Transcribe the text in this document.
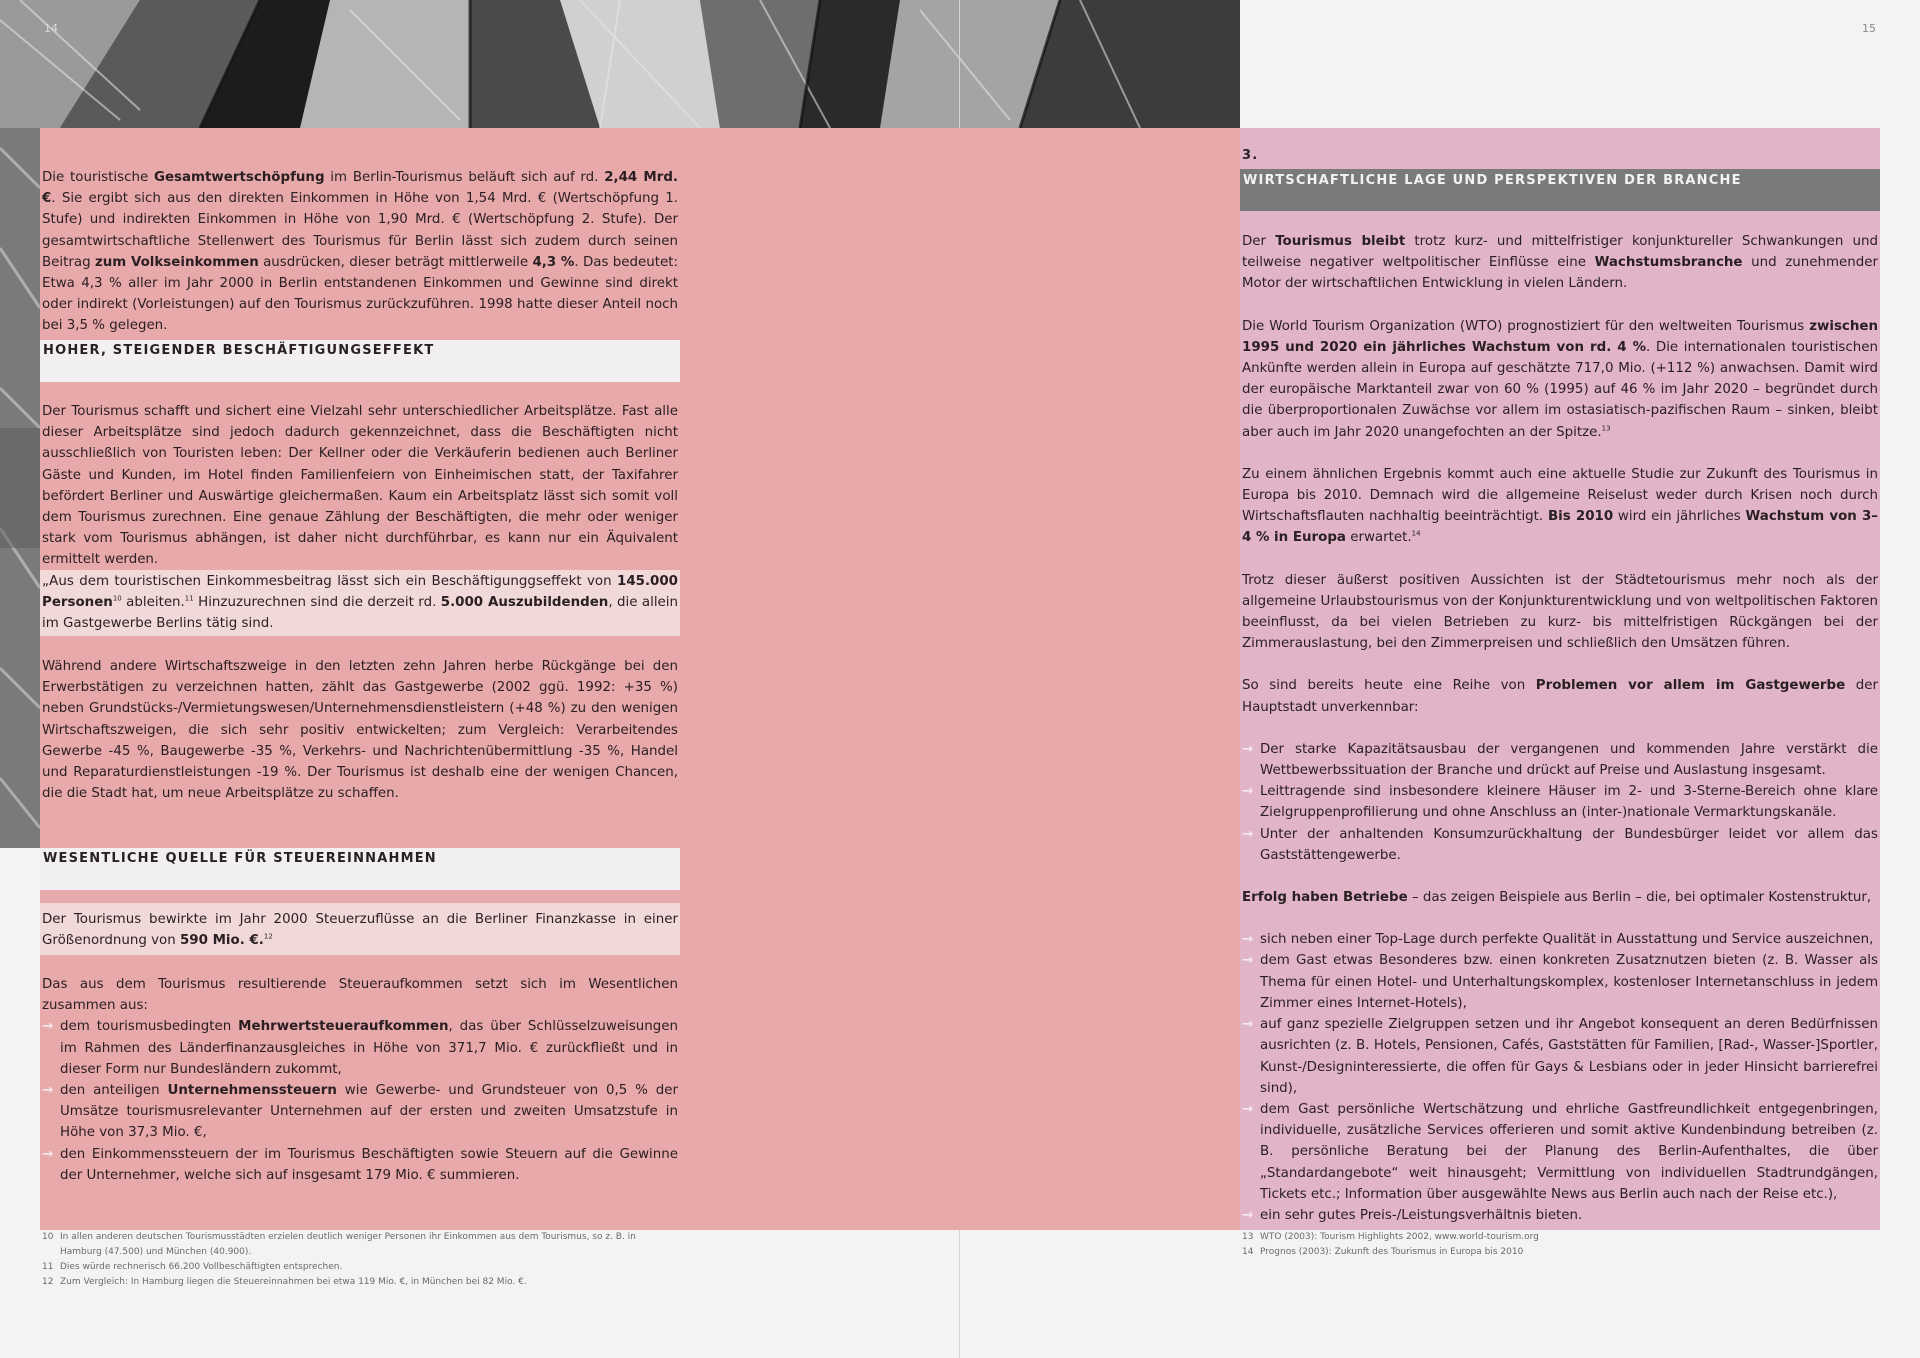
14	15
Die touristische Gesamtwertschöpfung im Berlin-Tourismus beläuft sich auf rd. 2,44 Mrd. €. Sie ergibt sich aus den direkten Einkommen in Höhe von 1,54 Mrd. € (Wertschöpfung 1. Stufe) und indirekten Einkommen in Höhe von 1,90 Mrd. € (Wertschöpfung 2. Stufe). Der gesamtwirtschaftliche Stellenwert des Tourismus für Berlin lässt sich zudem durch seinen Beitrag zum Volkseinkommen ausdrücken, dieser beträgt mittlerweile 4,3 %. Das bedeutet: Etwa 4,3 % aller im Jahr 2000 in Berlin entstandenen Einkommen und Gewinne sind direkt oder indirekt (Vorleistungen) auf den Tourismus zurückzuführen. 1998 hatte dieser Anteil noch bei 3,5 % gelegen.
HOHER, STEIGENDER BESCHÄFTIGUNGSEFFEKT
Der Tourismus schafft und sichert eine Vielzahl sehr unterschiedlicher Arbeitsplätze. Fast alle dieser Arbeitsplätze sind jedoch dadurch gekennzeichnet, dass die Beschäftigten nicht ausschließlich von Touristen leben: Der Kellner oder die Verkäuferin bedienen auch Berliner Gäste und Kunden, im Hotel finden Familienfeiern von Einheimischen statt, der Taxifahrer befördert Berliner und Auswärtige gleichermaßen. Kaum ein Arbeitsplatz lässt sich somit voll dem Tourismus zurechnen. Eine genaue Zählung der Beschäftigten, die mehr oder weniger stark vom Tourismus abhängen, ist daher nicht durchführbar, es kann nur ein Äquivalent ermittelt werden.
„Aus dem touristischen Einkommesbeitrag lässt sich ein Beschäftigunggseffekt von 145.000 Personen$^{10}$ ableiten.$^{11}$ Hinzuzurechnen sind die derzeit rd. 5.000 Auszubildenden, die allein im Gastgewerbe Berlins tätig sind.
Während andere Wirtschaftszweige in den letzten zehn Jahren herbe Rückgänge bei den Erwerbstätigen zu verzeichnen hatten, zählt das Gastgewerbe (2002 ggü. 1992: +35 %) neben Grundstücks-/Vermietungswesen/Unternehmensdienstleistern (+48 %) zu den wenigen Wirtschaftszweigen, die sich sehr positiv entwickelten; zum Vergleich: Verarbeitendes Gewerbe -45 %, Baugewerbe -35 %, Verkehrs- und Nachrichtenübermittlung -35 %, Handel und Reparaturdienstleistungen -19 %. Der Tourismus ist deshalb eine der wenigen Chancen, die die Stadt hat, um neue Arbeitsplätze zu schaffen.
WESENTLICHE QUELLE FÜR STEUEREINNAHMEN
Der Tourismus bewirkte im Jahr 2000 Steuerzuflüsse an die Berliner Finanzkasse in einer Größenordnung von 590 Mio. €.$^{12}$

Das aus dem Tourismus resultierende Steueraufkommen setzt sich im Wesentlichen zusammen aus:

→ dem tourismusbedingten Mehrwertsteueraufkommen, das über Schlüsselzuweisungen im Rahmen des Länderfinanzausgleiches in Höhe von 371,7 Mio. € zurückfließt und in dieser Form nur Bundesländern zukommt,
→ den anteiligen Unternehmenssteuern wie Gewerbe- und Grundsteuer von 0,5 % der Umsätze tourismusrelevanter Unternehmen auf der ersten und zweiten Umsatzstufe in Höhe von 37,3 Mio. €,
→ den Einkommenssteuern der im Tourismus Beschäftigten sowie Steuern auf die Gewinne der Unternehmer, welche sich auf insgesamt 179 Mio. € summieren.
10 In allen anderen deutschen Tourismusstädten erzielen deutlich weniger Personen ihr Einkommen aus dem Tourismus, so z. B. in Hamburg (47.500) und München (40.900).
11 Dies würde rechnerisch 66.200 Vollbeschäftigten entsprechen.
12 Zum Vergleich: In Hamburg liegen die Steuereinnahmen bei etwa 119 Mio. €, in München bei 82 Mio. €.
3.
WIRTSCHAFTLICHE LAGE UND PERSPEKTIVEN DER BRANCHE

Der Tourismus bleibt trotz kurz- und mittelfristiger konjunktureller Schwankungen und teilweise negativer weltpolitischer Einflüsse eine Wachstumsbranche und zunehmender Motor der wirtschaftlichen Entwicklung in vielen Ländern.

Die World Tourism Organization (WTO) prognostiziert für den weltweiten Tourismus zwischen 1995 und 2020 ein jährliches Wachstum von rd. 4 %. Die internationalen touristischen Ankünfte werden allein in Europa auf geschätzte 717,0 Mio. (+112 %) anwachsen. Damit wird der europäische Marktanteil zwar von 60 % (1995) auf 46 % im Jahr 2020 – begründet durch die überproportionalen Zuwächse vor allem im ostasiatisch-pazifischen Raum – sinken, bleibt aber auch im Jahr 2020 unangefochten an der Spitze.$^{13}$

Zu einem ähnlichen Ergebnis kommt auch eine aktuelle Studie zur Zukunft des Tourismus in Europa bis 2010. Demnach wird die allgemeine Reiselust weder durch Krisen noch durch Wirtschaftsflauten nachhaltig beeinträchtigt. Bis 2010 wird ein jährliches Wachstum von 3–4 % in Europa erwartet.$^{14}$

Trotz dieser äußerst positiven Aussichten ist der Städtetourismus mehr noch als der allgemeine Urlaubstourismus von der Konjunkturentwicklung und von weltpolitischen Faktoren beeinflusst, da bei vielen Betrieben zu kurz- bis mittelfristigen Rückgängen bei der Zimmerauslastung, bei den Zimmerpreisen und schließlich den Umsätzen führen.

So sind bereits heute eine Reihe von Problemen vor allem im Gastgewerbe der Hauptstadt unverkennbar:

→ Der starke Kapazitätsausbau der vergangenen und kommenden Jahre verstärkt die Wettbewerbssituation der Branche und drückt auf Preise und Auslastung insgesamt.
→ Leittragende sind insbesondere kleinere Häuser im 2- und 3-Sterne-Bereich ohne klare Zielgruppenprofilierung und ohne Anschluss an (inter-)nationale Vermarktungskanäle.
→ Unter der anhaltenden Konsumzurückhaltung der Bundesbürger leidet vor allem das Gaststättengewerbe.

Erfolg haben Betriebe – das zeigen Beispiele aus Berlin – die, bei optimaler Kostenstruktur,

→ sich neben einer Top-Lage durch perfekte Qualität in Ausstattung und Service auszeichnen,
→ dem Gast etwas Besonderes bzw. einen konkreten Zusatznutzen bieten (z. B. Wasser als Thema für einen Hotel- und Unterhaltungskomplex, kostenloser Internetanschluss in jedem Zimmer eines Internet-Hotels),
→ auf ganz spezielle Zielgruppen setzen und ihr Angebot konsequent an deren Bedürfnissen ausrichten (z. B. Hotels, Pensionen, Cafés, Gaststätten für Familien, [Rad-, Wasser-]Sportler, Kunst-/Designinteressierte, die offen für Gays & Lesbians oder in jeder Hinsicht barrierefrei sind),
→ dem Gast persönliche Wertschätzung und ehrliche Gastfreundlichkeit entgegenbringen, individuelle, zusätzliche Services offerieren und somit aktive Kundenbindung betreiben (z. B. persönliche Beratung bei der Planung des Berlin-Aufenthaltes, die über „Standardangebote“ weit hinausgeht; Vermittlung von individuellen Stadtrundgängen, Tickets etc.; Information über ausgewählte News aus Berlin auch nach der Reise etc.),
→ ein sehr gutes Preis-/Leistungsverhältnis bieten.
13 WTO (2003): Tourism Highlights 2002, www.world-tourism.org
14 Prognos (2003): Zukunft des Tourismus in Europa bis 2010
